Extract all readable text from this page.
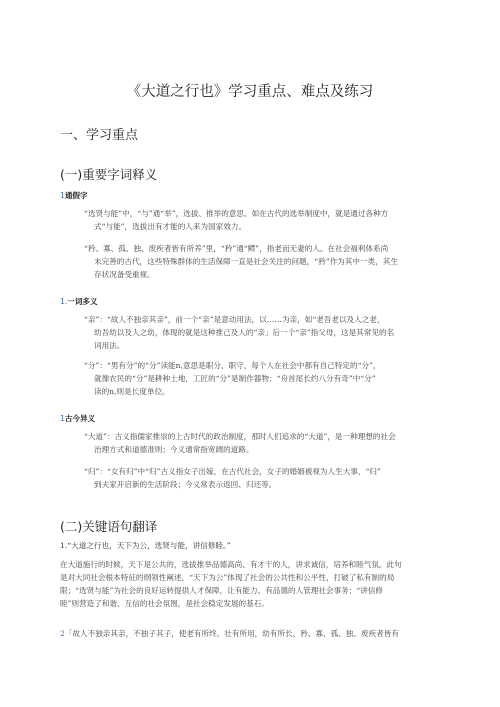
《大道之行也》学习重点、难点及练习
一、学习重点
(一)重要字词释义
1通假字

“选贤与能”中，“与”通“举”，选拔、推举的意思。如在古代的选举制度中，就是通过各种方
式“与能”，选拔出有才能的人来为国家效力。

“矜、寡、孤、独、废疾者皆有所养”里，“矜”通“鳏”，指老而无妻的人。在社会福利体系尚
未完善的古代，这些特殊群体的生活保障一直是社会关注的问题，“矜”作为其中一类，其生
存状况备受重视。

1.一词多义

“亲”：“故人不独亲其亲”，前一个“亲”是意动用法，以……为亲，如“老吾老以及人之老，
幼吾幼以及人之幼，体现的就是这种推己及人的“亲」后一个“亲”指父母，这是其常见的名
词用法。

“分”：“男有分”的“分”读能n,意思是职分、职守，每个人在社会中都有自己特定的“分”，
就像农民的“分”是耕种土地，工匠的“分”是制作器物；“舟首尾长约八分有奇”中“分”
读的n,则是长度单位。

1古今异义

“大道”：古义指儒家推崇的上古时代的政治制度，那时人们追求的“大道”，是一种理想的社会
治理方式和道德准则；今义通常指宽阔的道路。

“归”：“女有归”中“归”古义指女子出嫁，在古代社会，女子的婚姻被视为人生大事，“归”
到夫家开启新的生活阶段；今义常表示返回、归还等。

(二)关键语句翻译
1.“大道之行也，天下为公，选贤与能，讲信修睦。”

在大道施行的时候，天下是公共的，选拔推举品德高尚、有才干的人，讲求诚信，培养和睦气氛。此句
是对大同社会根本特征的纲领性阐述，“天下为公”体现了社会的公共性和公平性，打破了私有制的局
限；“选贤与能”为社会的良好运转提供人才保障，让有能力、有品德的人管理社会事务；“讲信修
睦”则营造了和谐、互信的社会氛围，是社会稳定发展的基石。

2「故人不独亲其亲，不独子其子，使老有所终，壮有所用，幼有所长，矜、寡、孤、独、废疾者皆有
